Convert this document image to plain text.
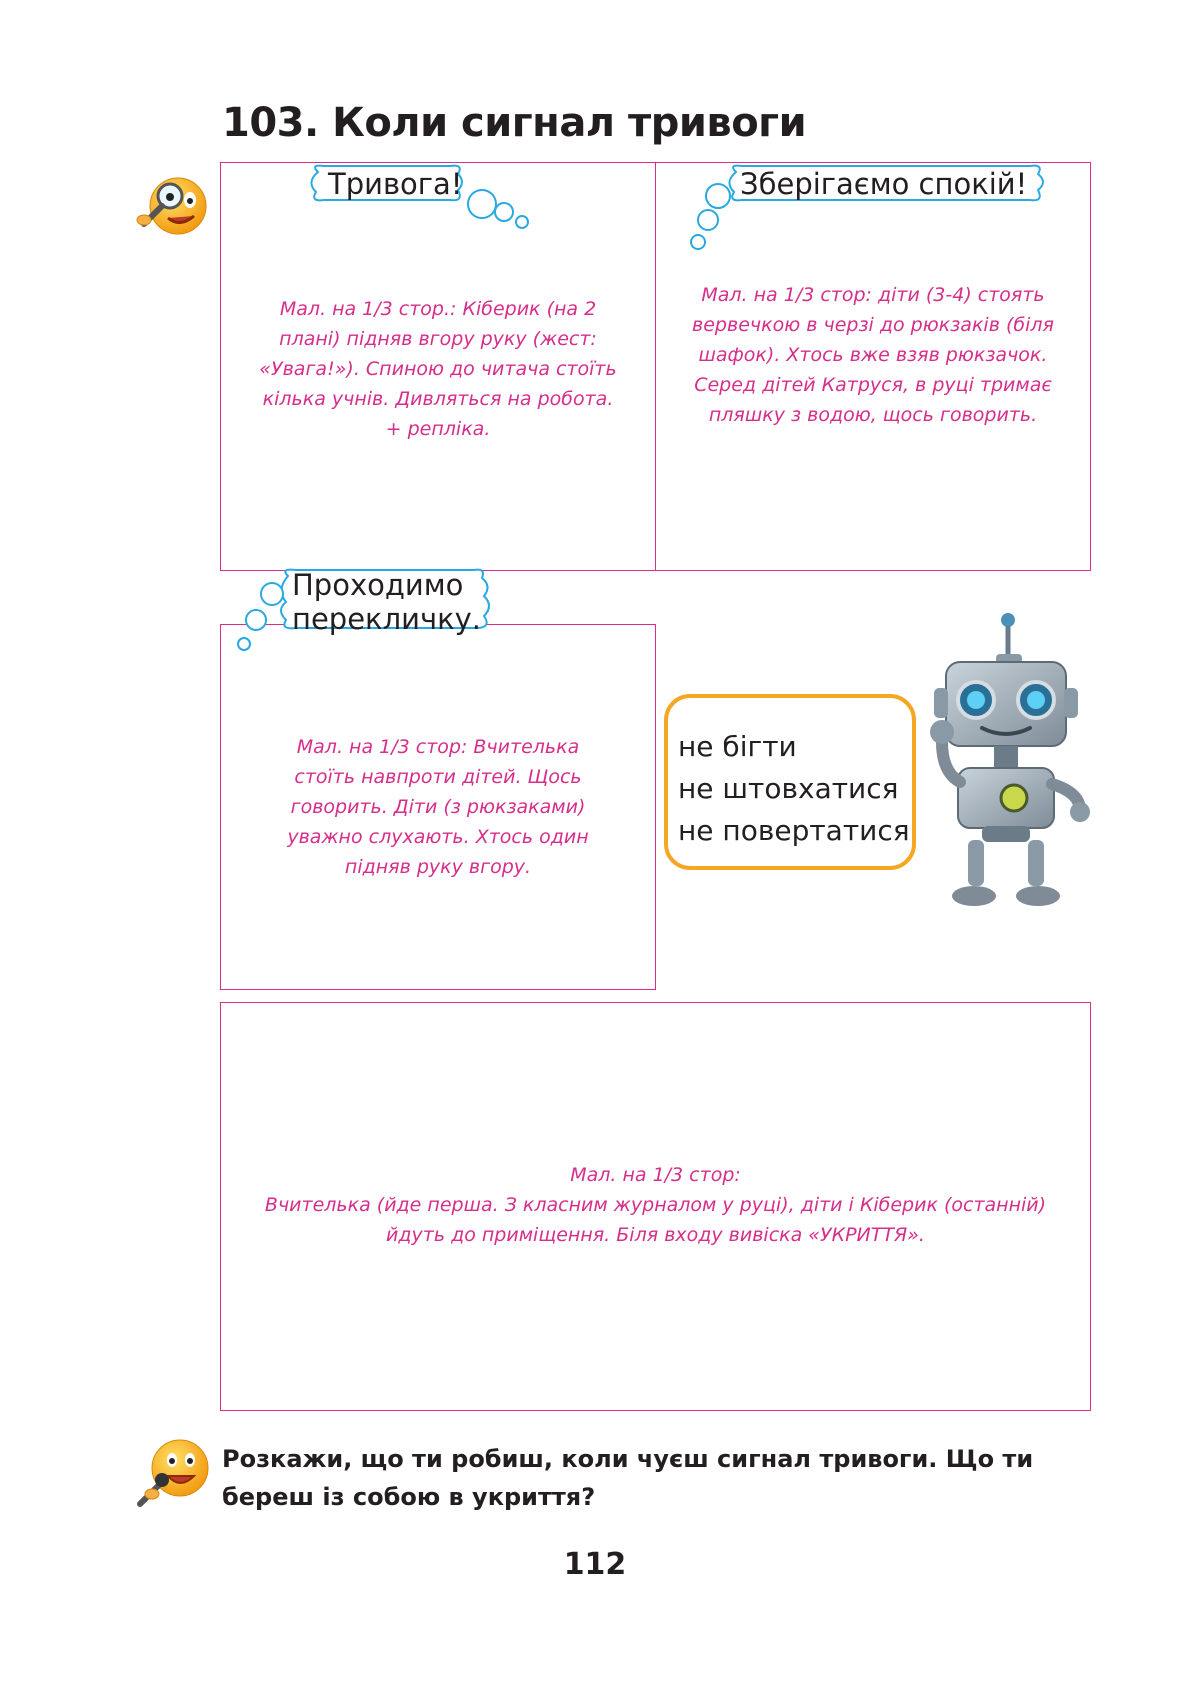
103. Коли сигнал тривоги
Тривога!
Мал. на 1/3 стор.: Кіберик (на 2
плані) підняв вгору руку (жест:
«Увага!»). Спиною до читача стоїть
кілька учнів. Дивляться на робота.
+ репліка.
Зберігаємо спокій!
Мал. на 1/3 стор: діти (3-4) стоять
вервечкою в черзі до рюкзаків (біля
шафок). Хтось вже взяв рюкзачок.
Серед дітей Катруся, в руці тримає
пляшку з водою, щось говорить.
Проходимо
перекличку.
Мал. на 1/3 стор: Вчителька
стоїть навпроти дітей. Щось
говорить. Діти (з рюкзаками)
уважно слухають. Хтось один
підняв руку вгору.
не бігти
не штовхатися
не повертатися
Мал. на 1/3 стор:
Вчителька (йде перша. З класним журналом у руці), діти і Кіберик (останній)
йдуть до приміщення. Біля входу вивіска «УКРИТТЯ».
Розкажи, що ти робиш, коли чуєш сигнал тривоги. Що ти береш із собою в укриття?
112
